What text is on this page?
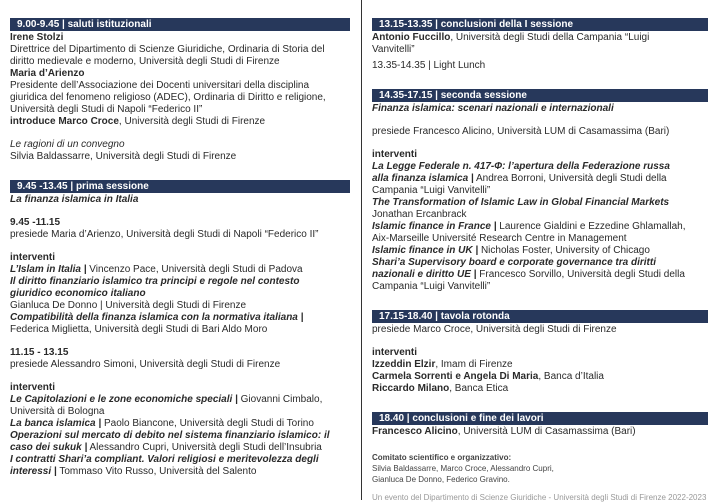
9.00-9.45 | saluti istituzionali

Irene Stolzi

Direttrice del Dipartimento di Scienze Giuridiche, Ordinaria di Storia del

diritto medievale e moderno, Università degli Studi di Firenze

Maria d’Arienzo

Presidente dell’Associazione dei Docenti universitari della disciplina

giuridica del fenomeno religioso (ADEC), Ordinaria di Diritto e religione,

Università degli Studi di Napoli “Federico II”

introduce Marco Croce, Università degli Studi di Firenze

Le ragioni di un convegno

Silvia Baldassarre, Università degli Studi di Firenze

9.45 -13.45 | prima sessione

La finanza islamica in Italia

9.45 -11.15

presiede Maria d’Arienzo, Università degli Studi di Napoli “Federico II”

interventi

L’Islam in Italia | Vincenzo Pace, Università degli Studi di Padova

Il diritto finanziario islamico tra principi e regole nel contesto

giuridico economico italiano

Gianluca De Donno | Università degli Studi di Firenze

Compatibilità della finanza islamica con la normativa italiana |

Federica Miglietta, Università degli Studi di Bari Aldo Moro

11.15 - 13.15

presiede Alessandro Simoni, Università degli Studi di Firenze

interventi

Le Capitolazioni e le zone economiche speciali | Giovanni Cimbalo,

Università di Bologna

La banca islamica | Paolo Biancone, Università degli Studi di Torino

Operazioni sul mercato di debito nel sistema finanziario islamico: il

caso dei sukuk | Alessandro Cupri, Università degli Studi dell’Insubria

I contratti Shari’a compliant. Valori religiosi e meritevolezza degli

interessi | Tommaso Vito Russo, Università del Salento

13.15-13.35 | conclusioni della I sessione

Antonio Fuccillo, Università degli Studi della Campania “Luigi

Vanvitelli”

13.35-14.35 | Light Lunch

14.35-17.15 | seconda sessione

Finanza islamica: scenari nazionali e internazionali

presiede Francesco Alicino, Università LUM di Casamassima (Bari)

interventi

La Legge Federale n. 417-Ф: l’apertura della Federazione russa

alla finanza islamica | Andrea Borroni, Università degli Studi della

Campania “Luigi Vanvitelli”

The Transformation of Islamic Law in Global Financial Markets

Jonathan Ercanbrack

Islamic finance in France | Laurence Gialdini e Ezzedine Ghlamallah,

Aix-Marseille Université Research Centre in Management

Islamic finance in UK | Nicholas Foster, University of Chicago

Shari’a Supervisory board e corporate governance tra diritti

nazionali e diritto UE | Francesco Sorvillo, Università degli Studi della

Campania “Luigi Vanvitelli”

17.15-18.40 | tavola rotonda

presiede Marco Croce, Università degli Studi di Firenze

interventi

Izzeddin Elzir, Imam di Firenze

Carmela Sorrenti e Angela Di Maria, Banca d’Italia

Riccardo Milano, Banca Etica

18.40 | conclusioni e fine dei lavori

Francesco Alicino, Università LUM di Casamassima (Bari)

Comitato scientifico e organizzativo:

Silvia Baldassarre, Marco Croce, Alessandro Cupri,

Gianluca De Donno, Federico Gravino.

Un evento del Dipartimento di Scienze Giuridiche - Università degli Studi di Firenze 2022-2023
